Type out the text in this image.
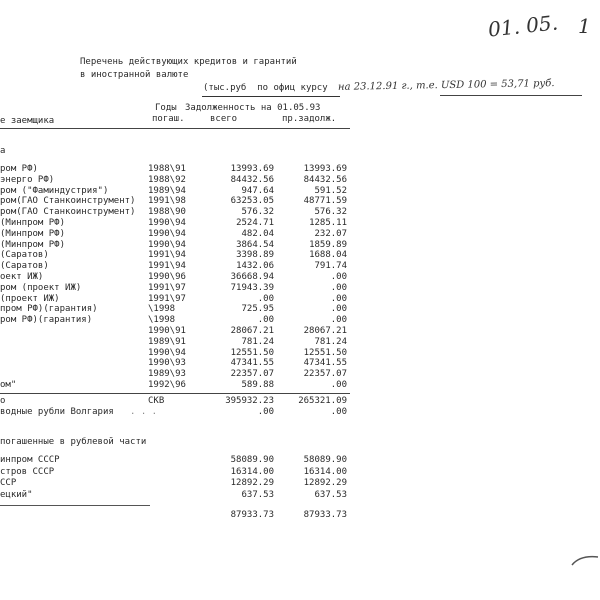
01. 05. 1
Перечень действующих кредитов и гарантий
в иностранной валюте
(тыс.руб  по офиц курсу на 23.12.91 г., т.е. USD 100 = 53,71 руб.
Годы Задолженность на 01.05.93
е заемщика	погаш.	всего	пр.задолж.
а
ром РФ)	1988\91	13993.69	13993.69
энерго РФ)	1988\92	84432.56	84432.56
ром ("Фаминдустрия")	1989\94	947.64	591.52
ром(ГАО Станкоинструмент) 1991\98	63253.05	48771.59
ром(ГАО Станкоинструмент) 1988\90	576.32	576.32
(Минпром РФ)	1990\94	2524.71	1285.11
(Минпром РФ)	1990\94	482.04	232.07
(Минпром РФ)	1990\94	3864.54	1859.89
(Саратов)	1991\94	3398.89	1688.04
(Саратов)	1991\94	1432.06	791.74
оект ИЖ)	1990\96	36668.94	.00
ром (проект ИЖ)	1991\97	71943.39	.00
(проект ИЖ)	1991\97	.00	.00
пром РФ)(гарантия)	\1998	725.95	.00
ром РФ)(гарантия)	\1998	.00	.00
1990\91	28067.21	28067.21
1989\91	781.24	781.24
1990\94	12551.50	12551.50
1990\93	47341.55	47341.55
1989\93	22357.07	22357.07
ом"	1992\96	589.88	.00
о	СКВ	395932.23	265321.09
водные рубли Волгария . . .	.00	.00
погашенные в рублевой части
инпром СССР	58089.90	58089.90
стров СССР	16314.00	16314.00
ССР	12892.29	12892.29
ецкий"	637.53	637.53
87933.73	87933.73
